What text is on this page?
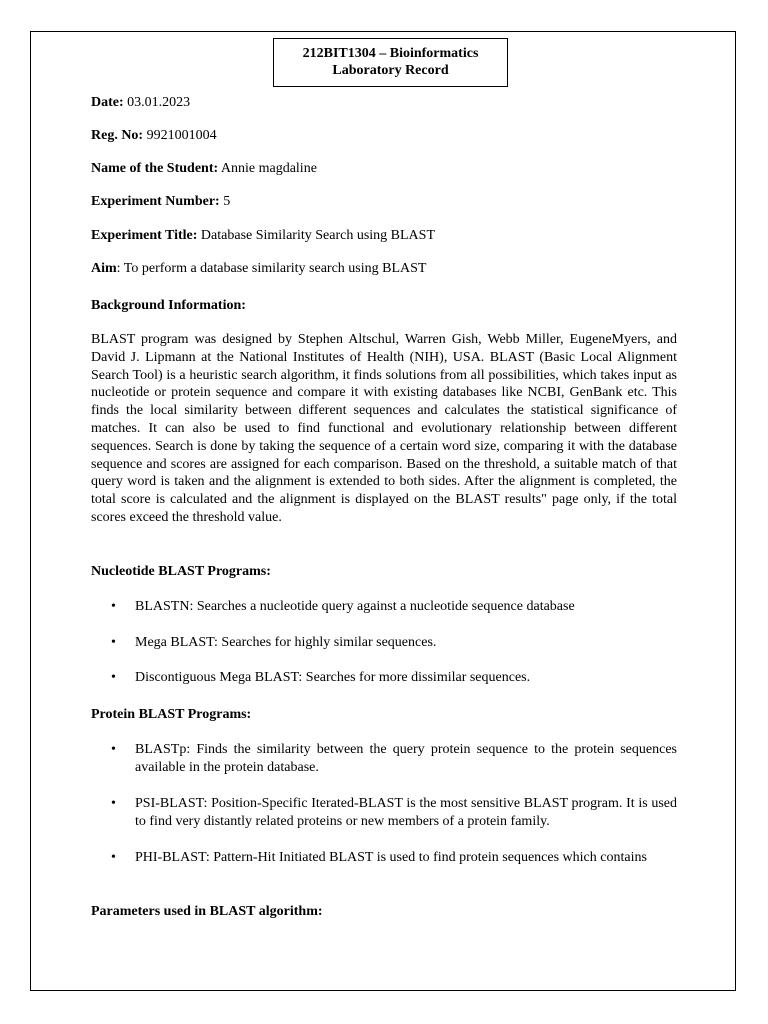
212BIT1304 – Bioinformatics
Laboratory Record
Date: 03.01.2023
Reg. No: 9921001004
Name of the Student: Annie magdaline
Experiment Number: 5
Experiment Title: Database Similarity Search using BLAST
Aim: To perform a database similarity search using BLAST
Background Information:
BLAST program was designed by Stephen Altschul, Warren Gish, Webb Miller, EugeneMyers, and David J. Lipmann at the National Institutes of Health (NIH), USA. BLAST (Basic Local Alignment Search Tool) is a heuristic search algorithm, it finds solutions from all possibilities, which takes input as nucleotide or protein sequence and compare it with existing databases like NCBI, GenBank etc. This finds the local similarity between different sequences and calculates the statistical significance of matches. It can also be used to find functional and evolutionary relationship between different sequences. Search is done by taking the sequence of a certain word size, comparing it with the database sequence and scores are assigned for each comparison. Based on the threshold, a suitable match of that query word is taken and the alignment is extended to both sides. After the alignment is completed, the total score is calculated and the alignment is displayed on the BLAST results" page only, if the total scores exceed the threshold value.
Nucleotide BLAST Programs:
• BLASTN: Searches a nucleotide query against a nucleotide sequence database
• Mega BLAST: Searches for highly similar sequences.
• Discontiguous Mega BLAST: Searches for more dissimilar sequences.
Protein BLAST Programs:
• BLASTp: Finds the similarity between the query protein sequence to the protein sequences available in the protein database.
• PSI-BLAST: Position-Specific Iterated-BLAST is the most sensitive BLAST program. It is used to find very distantly related proteins or new members of a protein family.
• PHI-BLAST: Pattern-Hit Initiated BLAST is used to find protein sequences which contains
Parameters used in BLAST algorithm:
